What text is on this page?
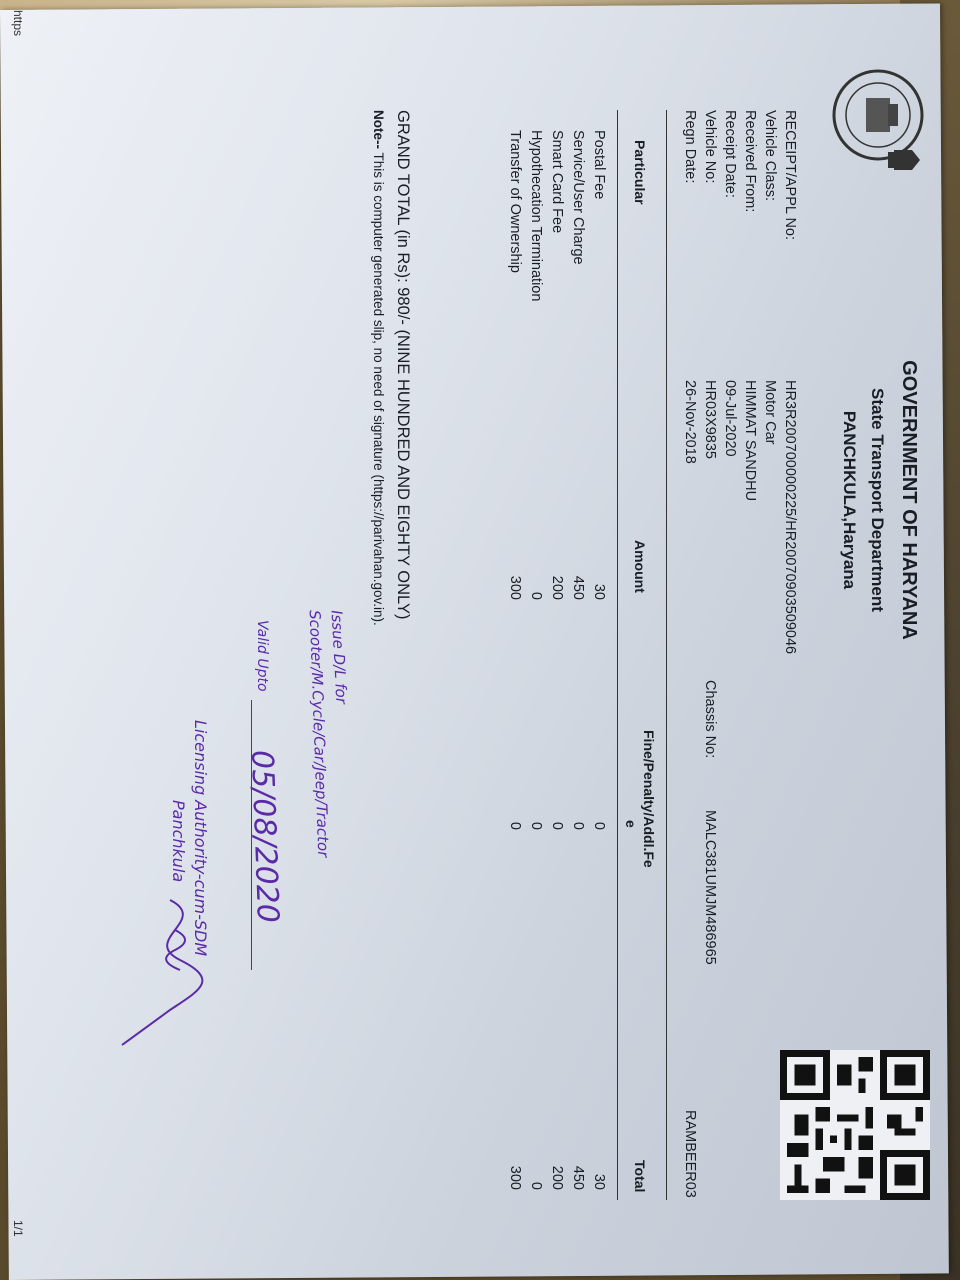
GOVERNMENT OF HARYANA
State Transport Department
PANCHKULA,Haryana
RECEIPT/APPL No:
HR3R200700000225/HR20070903509046
Vehicle Class:
Motor Car
Received From:
HIMMAT SANDHU
Receipt Date:
09-Jul-2020
Vehicle No:
HR03X9835
Regn Date:
26-Nov-2018
Chassis No:
MALC381UMJM486965
RAMBEER03
Particular
Amount
Fine/Penalty/Addl.Fe
e
Total
Postal Fee
30
0
30
Service/User Charge
450
0
450
Smart Card Fee
200
0
200
Hypothecation Termination
0
0
0
Transfer of Ownership
300
0
300
GRAND TOTAL (in Rs): 980/- (NINE HUNDRED AND EIGHTY ONLY)
Note-- This is computer generated slip, no need of signature (https://parivahan.gov.in).
Issue D/L for
Scooter/M.Cycle/Car/Jeep/Tractor
Valid Upto
05/08/2020
Licensing Authority-cum-SDM
Panchkula
1/1
https
